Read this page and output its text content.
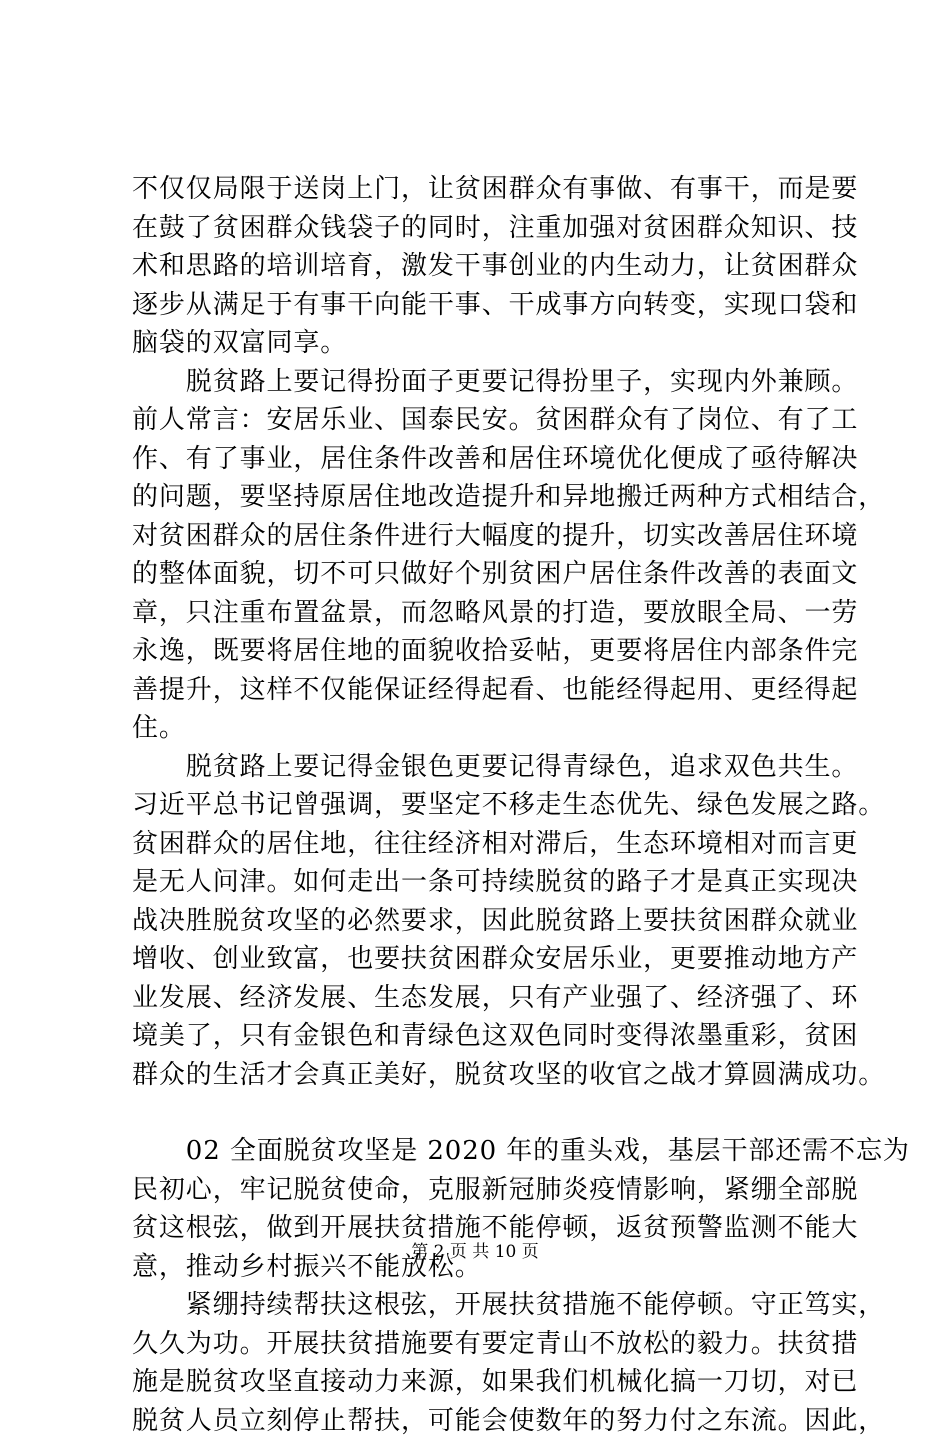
不仅仅局限于送岗上门，让贫困群众有事做、有事干，而是要
在鼓了贫困群众钱袋子的同时，注重加强对贫困群众知识、技
术和思路的培训培育，激发干事创业的内生动力，让贫困群众
逐步从满足于有事干向能干事、干成事方向转变，实现口袋和
脑袋的双富同享。
　　脱贫路上要记得扮面子更要记得扮里子，实现内外兼顾。
前人常言：安居乐业、国泰民安。贫困群众有了岗位、有了工
作、有了事业，居住条件改善和居住环境优化便成了亟待解决
的问题，要坚持原居住地改造提升和异地搬迁两种方式相结合，
对贫困群众的居住条件进行大幅度的提升，切实改善居住环境
的整体面貌，切不可只做好个别贫困户居住条件改善的表面文
章，只注重布置盆景，而忽略风景的打造，要放眼全局、一劳
永逸，既要将居住地的面貌收拾妥帖，更要将居住内部条件完
善提升，这样不仅能保证经得起看、也能经得起用、更经得起
住。
　　脱贫路上要记得金银色更要记得青绿色，追求双色共生。
习近平总书记曾强调，要坚定不移走生态优先、绿色发展之路。
贫困群众的居住地，往往经济相对滞后，生态环境相对而言更
是无人问津。如何走出一条可持续脱贫的路子才是真正实现决
战决胜脱贫攻坚的必然要求，因此脱贫路上要扶贫困群众就业
增收、创业致富，也要扶贫困群众安居乐业，更要推动地方产
业发展、经济发展、生态发展，只有产业强了、经济强了、环
境美了，只有金银色和青绿色这双色同时变得浓墨重彩，贫困
群众的生活才会真正美好，脱贫攻坚的收官之战才算圆满成功。
　　02 全面脱贫攻坚是 2020 年的重头戏，基层干部还需不忘为
民初心，牢记脱贫使命，克服新冠肺炎疫情影响，紧绷全部脱
贫这根弦，做到开展扶贫措施不能停顿，返贫预警监测不能大
意，推动乡村振兴不能放松。
　　紧绷持续帮扶这根弦，开展扶贫措施不能停顿。守正笃实，
久久为功。开展扶贫措施要有要定青山不放松的毅力。扶贫措
施是脱贫攻坚直接动力来源，如果我们机械化搞一刀切，对已
脱贫人员立刻停止帮扶，可能会使数年的努力付之东流。因此，
第 2 页 共 10 页
